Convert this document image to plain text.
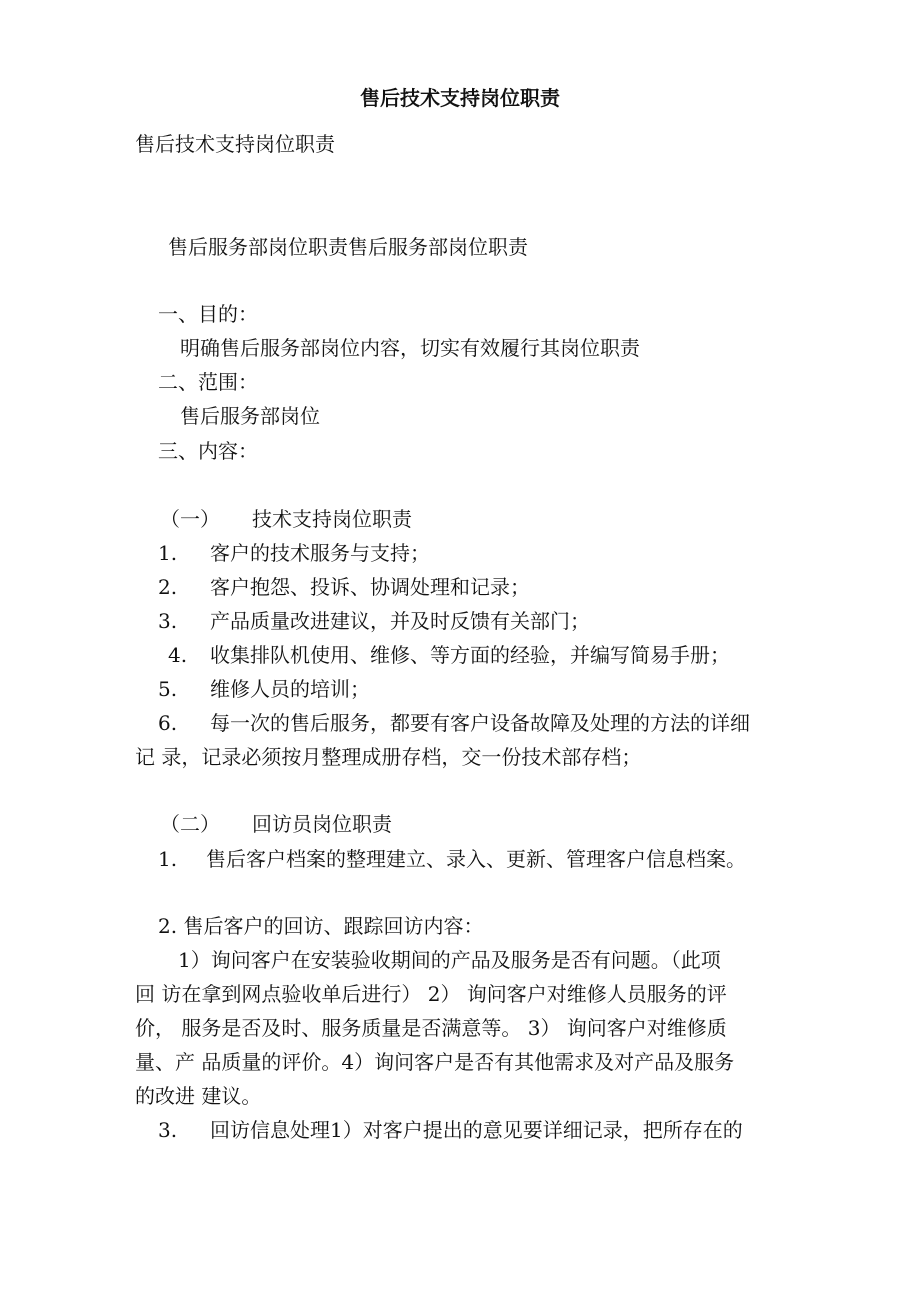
售后技术支持岗位职责
售后技术支持岗位职责
售后服务部岗位职责售后服务部岗位职责
一、目的：
明确售后服务部岗位内容，切实有效履行其岗位职责
二、范围：
售后服务部岗位
三、内容：
（一） 技术支持岗位职责
1. 客户的技术服务与支持；
2. 客户抱怨、投诉、协调处理和记录；
3. 产品质量改进建议，并及时反馈有关部门；
4. 收集排队机使用、维修、等方面的经验，并编写简易手册；
5. 维修人员的培训；
6. 每一次的售后服务，都要有客户设备故障及处理的方法的详细
记 录，记录必须按月整理成册存档，交一份技术部存档；
（二） 回访员岗位职责
1. 售后客户档案的整理建立、录入、更新、管理客户信息档案。
2. 售后客户的回访、跟踪回访内容：
1）询问客户在安装验收期间的产品及服务是否有问题。（此项
回 访在拿到网点验收单后进行） 2） 询问客户对维修人员服务的评
价， 服务是否及时、服务质量是否满意等。 3） 询问客户对维修质
量、产 品质量的评价。4）询问客户是否有其他需求及对产品及服务
的改进 建议。
3. 回访信息处理1）对客户提出的意见要详细记录，把所存在的
